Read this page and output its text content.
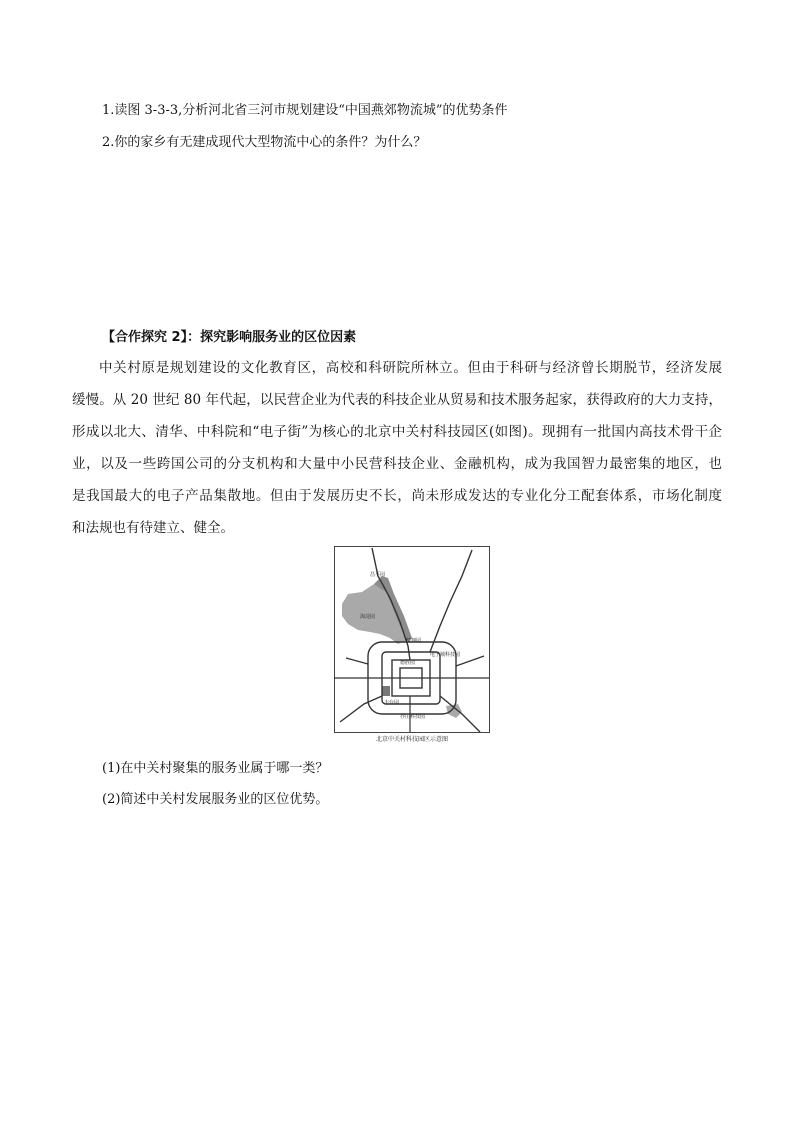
1.读图 3-3-3,分析河北省三河市规划建设“中国燕郊物流城”的优势条件
2.你的家乡有无建成现代大型物流中心的条件？为什么？
【合作探究 2】：探究影响服务业的区位因素
中关村原是规划建设的文化教育区，高校和科研院所林立。但由于科研与经济曾长期脱节，经济发展
缓慢。从 20 世纪 80 年代起，以民营企业为代表的科技企业从贸易和技术服务起家，获得政府的大力支持，
形成以北大、清华、中科院和“电子街”为核心的北京中关村科技园区(如图)。现拥有一批国内高技术骨干企
业，以及一些跨国公司的分支机构和大量中小民营科技企业、金融机构，成为我国智力最密集的地区，也
是我国最大的电子产品集散地。但由于发展历史不长，尚未形成发达的专业化分工配套体系，市场化制度
和法规也有待建立、健全。
昌平园
海淀园
健翔园
电子城科技园
德胜园
丰台园
亦庄科技园
北京中关村科技园区示意图
(1)在中关村聚集的服务业属于哪一类？
(2)简述中关村发展服务业的区位优势。
